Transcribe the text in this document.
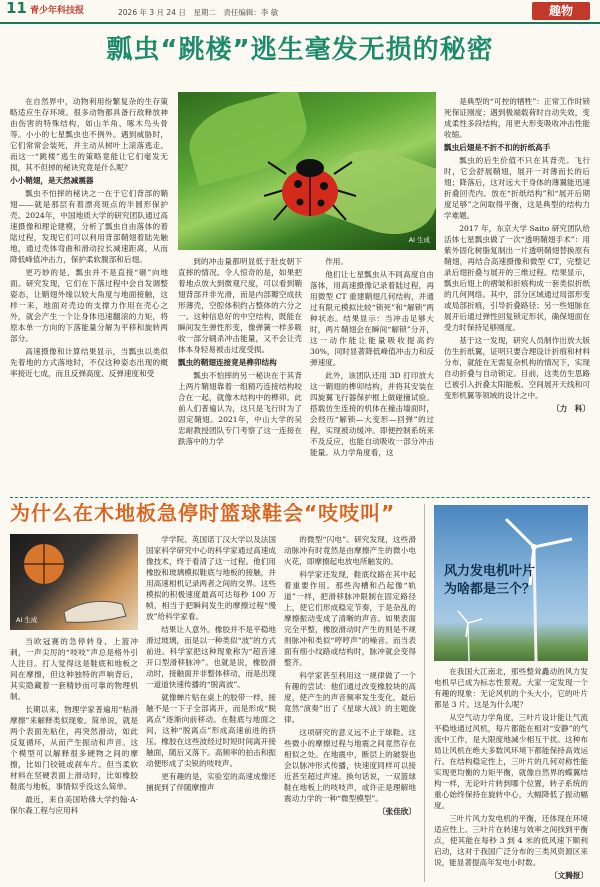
11 青少年科技报	2026 年 3 月 24 日　星期二　责任编辑：李 敏	趣物
瓢虫“跳楼”逃生毫发无损的秘密

在自然界中，动物利用纷繁复杂的生存策略适应生存环境。很多动物都具备行敌释放神由伤害的特殊结构，如山羊角、啄木鸟头骨等。小小的七星瓢虫也不例外。遇到威胁时，它们常常会装死，并主动从树叶上滚落逃走。而这一“跳楼”逃生的策略竟能让它们毫发无损，其不但掉的秘诀究竟是什么呢？

小小鞘翅，是天然减震器

瓢虫不怕摔的秘诀之一在于它们背部的鞘翅——就是那层有着漂亮斑点的半圆形保护壳。2024年，中国地质大学的研究团队通过高速摄像和理论建模，分析了瓢虫自由落体的着陆过程，发现它们可以利用背部鞘翅着陆先触地，通过壳体弯曲和滑动拉长减速距离，从而降低峰值冲击力，保护柔软腹部和后翅。

更巧妙的是，瓢虫并不是直接“砸”向地面。研究发现，它们在下落过程中会自发调整姿态，让鞘翅外缘以较大角度与地面接触，这样一来，地面对壳边的支撑力作用在壳心之外，就会产生一个让身体迅速翻滚的力矩，将原本单一方向的下落能量分解为平移和旋转两部分。

高速摄像和计算结果显示，当瓢虫以类似先着地的方式落地时，不仅这种姿态出现的概率接近七成，而且反弹高度、反弹速度和受

AI 生成

到的冲击量都明显低于肚皮朝下直摔的情况。令人惊奇的是，如果把着地点放大到微观尺度，可以看到鞘翅背部并非光滑，而是内部瓣空成扶形薄壳，空腔体积约占整体的六分之一。这种信息好的中空结构，既能在瞬间发生弹性形变，像弹簧一样多吸收一部分刷杀冲击能量，又不会让壳体本身轻易被击过度受损。

瓢虫的鞘翅连接竟是榫卯结构

瓢虫不怕摔的另一秘诀在于其背上两片鞘翅靠着一组精巧连接结构咬合在一起，就像木结构中的榫卯。此前人们普遍认为，这只是飞行时为了固定鞘翅。2021年，中山大学的吴忠耐教授团队专门考察了这一连接在跌落中的力学

作用。

他们让七星瓢虫从不同高度自由落体，用高速摄像记录着陆过程，再用微型 CT 重建鞘翅几何结构，并通过有限元模拟比较“锁死”和“解锁”两种状态。结果显示：当冲击足够大时，两片鞘翅会在瞬间“解锁”分开，这一动作能让能量吸收提高约 30%，同时显著降低峰值冲击力和反弹速度。

此外，该团队还用 3D 打印放大这一鞘翅的榫卯结构，并将其安装在四旋翼飞行器保护框上做碰撞试验。搭载仿生连接的机体在撞击墙面时，会经历“解锁—大变形—回弹”的过程，实现被动缓冲。即便控制系统来不及反应，也能自动吸收一部分冲击能量。从力学角度看，这

是典型的“可控的牺牲”：正常工作时锁死保证刚度；遇到极端载荷时自动失效，变成柔性多段结构，用更大形变吸收冲击性能收缩。

瓢虫后翅是不折不扣的折纸高手

瓢虫的后生价值不只在其背壳。飞行时，它会舒展鞘翅，展开一对薄而长的后翅；降落后，这对远大于身体的薄翼能迅速折叠回壳内。放在“折纸结构”和“展开后期度足够”之间取得平衡，这是典型的结构力学难题。

2017 年，东京大学 Saito 研究团队给活体七星瓢虫做了一次“透明鞘翅手术”：用紫外固化树脂复制出一片透明鞘翅替换原有鞘翅，再结合高速摄像和微型 CT，完整记录后翅折叠与展开的三维过程。结果显示，瓢虫后翅上的褶皱和折痕构成一套类似折纸的几何网络。其中，部分区域通过局部形变或局部折痕，引导折叠路径；另一些翅脉在展开后通过弹性回复锁定形状，确保翅面在受力时保持足够刚度。

基于这一发现，研究人员制作出放大版仿生折纸翼，证明只要合理设计折痕和材料分布，就能在无需复杂机构的情况下，实现自动折叠与自动锁定。目前，这类仿生思路已被引入折叠太阳能板、空间展开天线和可变形机翼等领域的设计之中。

〔力　科〕

为什么在木地板急停时篮球鞋会“吱吱叫”
AI 生成

当欧冠赛的急停转身、上篮冲刺，一声尖厉的“吱吱”声总是格外引人注目。打人觉得这是鞋底和地板之间在摩擦，但这种独特的声响背后，其实隐藏着一套精妙而可靠的物理机制。

长期以来，物理学家普遍用“粘滑摩擦”来解释类似现象。简单说，就是两个表面先粘住，再突然滑动，如此反复循环，从而产生振动和声音。这个模型可以解释很多硬物之间的摩擦，比如门铰链或刹车片。但当柔软材料在坚硬表面上滑动时，比如橡胶鞋底与地板，事情似乎没这么简单。

最近，来自美国哈佛大学约翰·A·保尔森工程与应用科

学学院、英国诺丁汉大学以及法国国家科学研究中心的科学家通过高速成像技术，终于看清了这一过程。他们用橡胶和玻璃模拟鞋底与地板的接触，并用高速相机记录两者之间的交界。这些模拟的积极速度最高可达每秒 100 万帧，相当于把瞬间发生的摩擦过程“慢放”给科学家看。

结果让人意外。橡胶并不是平稳地滑过玻璃，而是以一种类似“波”的方式前进。科学家把这种现象称为“超音速开口型滑移脉冲”。也就是说，橡胶滑动时，接触面并非整体移动，而是出现一道道快速传播的“脱离波”。

就像蝉片贴在桌上的胶带一样，接触不是一下子全部离开，而是形成“脱离点”逐渐向前移动。在鞋底与地面之间，这种“脱离点”形成高速前进的挤压。橡胶在这些波经过时短时间离开接触面，随后又落下。高频率的拍击和振动便形成了尖锐的吱吱声。

更有趣的是，实验室的高速成像还捕捉到了伴随摩擦声

的微型“闪电”。研究发现，这些滑动脉冲有时竟然是由摩擦产生的微小电火花，即摩擦起电放电所触发的。

科学家还发现，鞋底纹路在其中起着重要作用。那些沟槽和凸起像“轨道”一样，把滑移脉冲限制在固定路径上，使它们形成稳定节奏，于是杂乱的摩擦振动变成了清晰的声音。如果表面完全平整，橡胶滑动时产生的则是不规则脉冲和类似“哼哼声”的噪音。而当表面有细小纹路或结构时，脉冲就会变得整齐。

科学家甚至利用这一规律做了一个有趣的尝试：他们通过改变橡胶块的高度，使产生的声音频率发生变化，最后竟然“演奏”出了《星球大战》的主题旋律。

这项研究的意义远不止于球鞋。这些微小的摩擦过程与地震之间竟然存在相似之处。在地震中，断层上的破裂也会以脉冲形式传播，快速度同样可以接近甚至超过声速。换句话说，一双篮球鞋在地板上的吱吱声，或许正是理解地震动力学的一种“微型模型”。

〔张佳欣〕

风力发电机叶片
为啥都是三个？

在我国大江南北，那些整耸矗动的风力发电机早已成为标志性景观。大家一定发现一个有趣的现象：无论风机的个头大小，它的叶片都是 3 片。这是为什么呢？

从空气动力学角度，三叶片设计能让气流平稳地通过风机，每片都能在相对“安静”的气流中工作，是大限度地减少相互干扰。这种布局让风机在绝大多数风环境下都能保持高效运行。在结构稳定性上，三叶片的几何对称性能实现更均衡的力矩平衡，就像自然界的蝶翼结构一样，无论叶片转到哪个位置，转子系统的重心始终保持在旋转中心，大幅降低了振动幅度。

三叶片风力发电机的平衡，还体现在环境适应性上。三叶片在转速与效率之间找到平衡点，使其能在每秒 3 到 4 米的低风速下顺利启动，这对于我国广泛分布的三类风资源区来说，能显著提高年发电小时数。

〔文腾报〕
